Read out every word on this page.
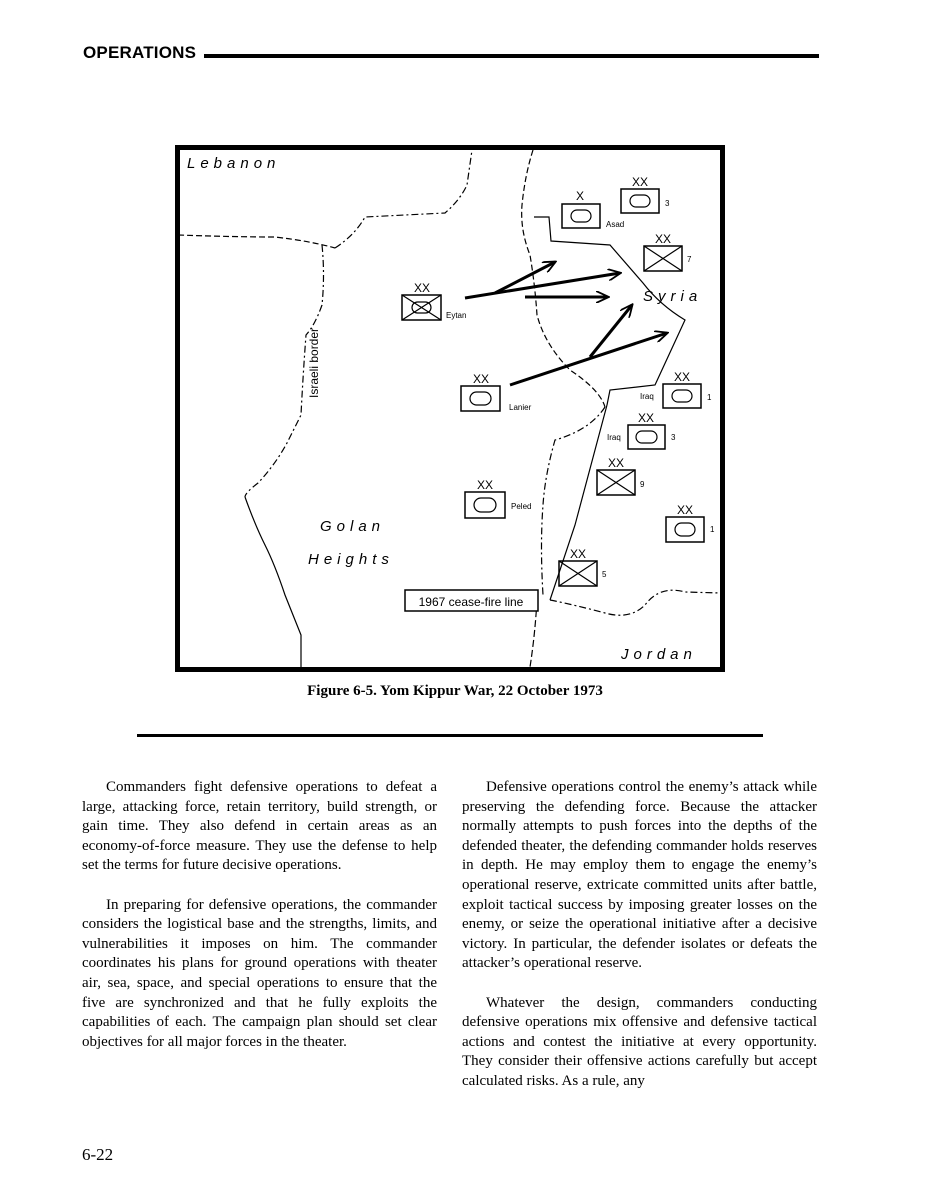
OPERATIONS
XX
Eytan
XX
Lanier
XX
Peled
X
Asad
XX
3
XX
7
XX
Iraq	1
XX
Iraq	3
XX
9
XX
1
XX
5
Lebanon
Syria
Golan
Heights
Jordan
Israeli border
1967 cease-fire line
Figure 6-5. Yom Kippur War, 22 October 1973

Commanders fight defensive operations to defeat a large, attacking force, retain territory, build strength, or gain time. They also defend in certain areas as an economy-of-force measure. They use the defense to help set the terms for future decisive operations.

In preparing for defensive operations, the commander considers the logistical base and the strengths, limits, and vulnerabilities it imposes on him. The commander coordinates his plans for ground operations with theater air, sea, space, and special operations to ensure that the five are synchronized and that he fully exploits the capabilities of each. The campaign plan should set clear objectives for all major forces in the theater.

Defensive operations control the enemy’s attack while preserving the defending force. Because the attacker normally attempts to push forces into the depths of the defended theater, the defending commander holds reserves in depth. He may employ them to engage the enemy’s operational reserve, extricate committed units after battle, exploit tactical success by imposing greater losses on the enemy, or seize the operational initiative after a decisive victory. In particular, the defender isolates or defeats the attacker’s operational reserve.

Whatever the design, commanders conducting defensive operations mix offensive and defensive tactical actions and contest the initiative at every opportunity. They consider their offensive actions carefully but accept calculated risks. As a rule, any

6-22
